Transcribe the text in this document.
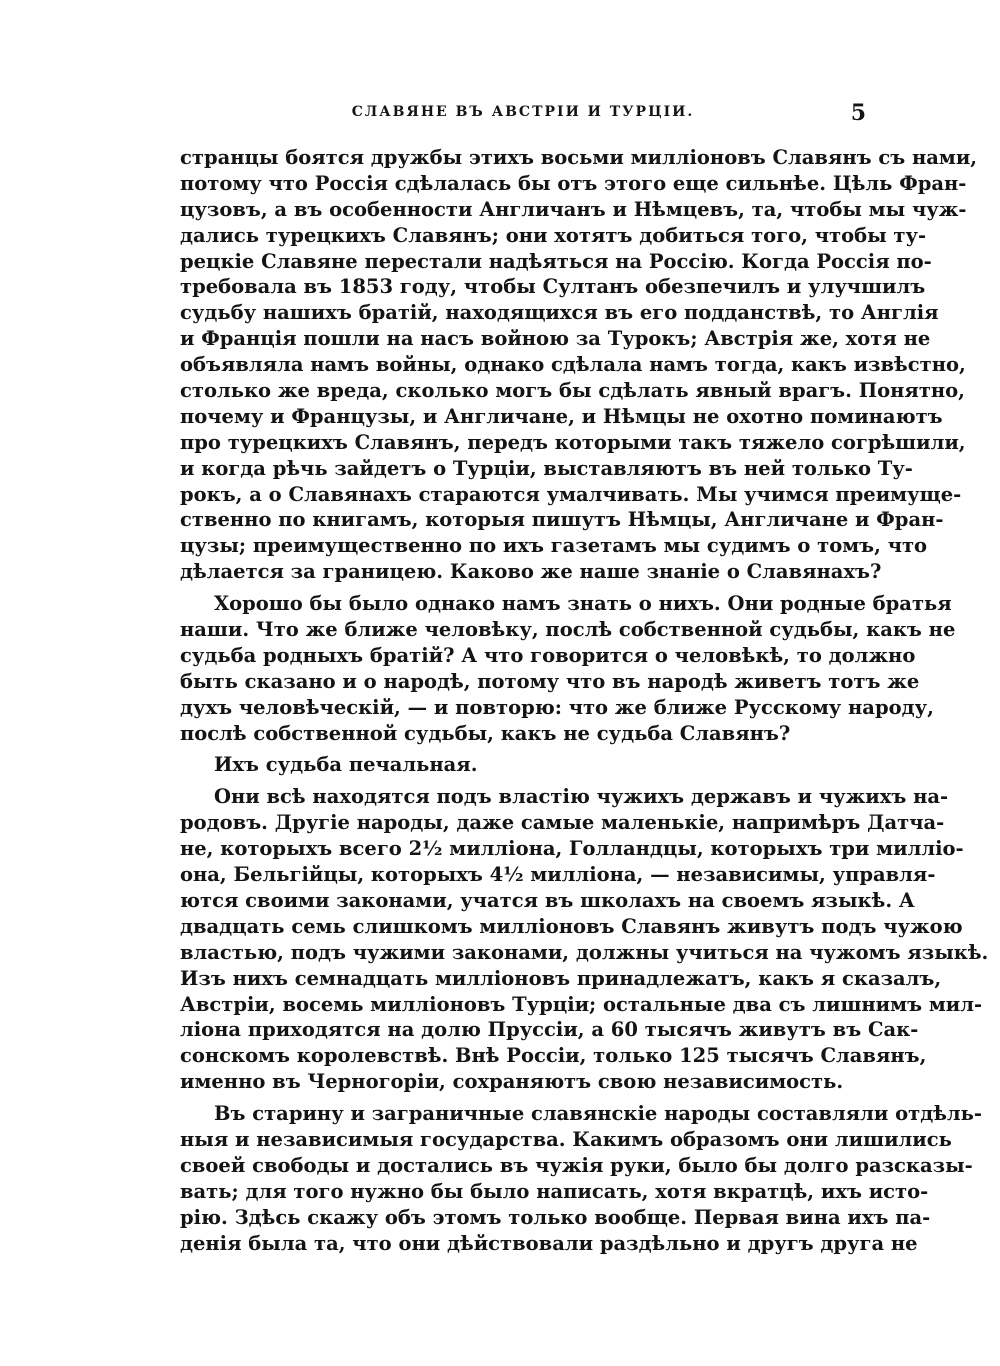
СЛАВЯНЕ ВЪ АВСТРІИ И ТУРЦІИ.	5
странцы боятся дружбы этихъ восьми милліоновъ Славянъ съ нами,
потому что Россія сдѣлалась бы отъ этого еще сильнѣе. Цѣль Фран-
цузовъ, а въ особенности Англичанъ и Нѣмцевъ, та, чтобы мы чуж-
дались турецкихъ Славянъ; они хотятъ добиться того, чтобы ту-
рецкіе Славяне перестали надѣяться на Россію. Когда Россія по-
требовала въ 1853 году, чтобы Султанъ обезпечилъ и улучшилъ
судьбу нашихъ братій, находящихся въ его подданствѣ, то Англія
и Франція пошли на насъ войною за Турокъ; Австрія же, хотя не
объявляла намъ войны, однако сдѣлала намъ тогда, какъ извѣстно,
столько же вреда, сколько могъ бы сдѣлать явный врагъ. Понятно,
почему и Французы, и Англичане, и Нѣмцы не охотно поминаютъ
про турецкихъ Славянъ, передъ которыми такъ тяжело согрѣшили,
и когда рѣчь зайдетъ о Турціи, выставляютъ въ ней только Ту-
рокъ, а о Славянахъ стараются умалчивать. Мы учимся преимуще-
ственно по книгамъ, которыя пишутъ Нѣмцы, Англичане и Фран-
цузы; преимущественно по ихъ газетамъ мы судимъ о томъ, что
дѣлается за границею. Каково же наше знаніе о Славянахъ?
Хорошо бы было однако намъ знать о нихъ. Они родные братья
наши. Что же ближе человѣку, послѣ собственной судьбы, какъ не
судьба родныхъ братій? А что говорится о человѣкѣ, то должно
быть сказано и о народѣ, потому что въ народѣ живетъ тотъ же
духъ человѣческій, — и повторю: что же ближе Русскому народу,
послѣ собственной судьбы, какъ не судьба Славянъ?
Ихъ судьба печальная.
Они всѣ находятся подъ властію чужихъ державъ и чужихъ на-
родовъ. Другіе народы, даже самые маленькіе, напримѣръ Датча-
не, которыхъ всего 2½ милліона, Голландцы, которыхъ три милліо-
она, Бельгійцы, которыхъ 4½ милліона, — независимы, управля-
ются своими законами, учатся въ школахъ на своемъ языкѣ. А
двадцать семь слишкомъ милліоновъ Славянъ живутъ подъ чужою
властью, подъ чужими законами, должны учиться на чужомъ языкѣ.
Изъ нихъ семнадцать милліоновъ принадлежатъ, какъ я сказалъ,
Австріи, восемь милліоновъ Турціи; остальные два съ лишнимъ мил-
ліона приходятся на долю Пруссіи, а 60 тысячъ живутъ въ Сак-
сонскомъ королевствѣ. Внѣ Россіи, только 125 тысячъ Славянъ,
именно въ Черногоріи, сохраняютъ свою независимость.
Въ старину и заграничные славянскіе народы составляли отдѣль-
ныя и независимыя государства. Какимъ образомъ они лишились
своей свободы и достались въ чужія руки, было бы долго разсказы-
вать; для того нужно бы было написать, хотя вкратцѣ, ихъ исто-
рію. Здѣсь скажу объ этомъ только вообще. Первая вина ихъ па-
денія была та, что они дѣйствовали раздѣльно и другъ друга не
